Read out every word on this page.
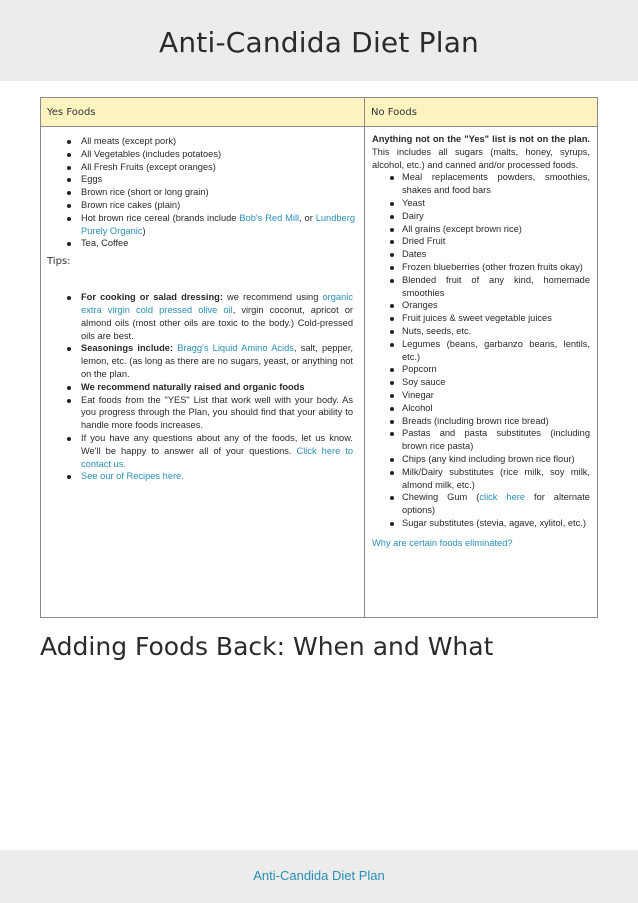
Anti-Candida Diet Plan
Yes Foods	No Foods
All meats (except pork)
All Vegetables (includes potatoes)
All Fresh Fruits (except oranges)
Eggs
Brown rice (short or long grain)
Brown rice cakes (plain)
Hot brown rice cereal (brands include Bob's Red Mill, or Lundberg Purely Organic)
Tea, Coffee
Tips:
For cooking or salad dressing: we recommend using organic extra virgin cold pressed olive oil, virgin coconut, apricot or almond oils (most other oils are toxic to the body.) Cold-pressed oils are best.
Seasonings include: Bragg's Liquid Amino Acids, salt, pepper, lemon, etc. (as long as there are no sugars, yeast, or anything not on the plan.
We recommend naturally raised and organic foods
Eat foods from the "YES" List that work well with your body. As you progress through the Plan, you should find that your ability to handle more foods increases.
If you have any questions about any of the foods, let us know. We'll be happy to answer all of your questions. Click here to contact us.
See our of Recipes here.

Anything not on the "Yes" list is not on the plan. This includes all sugars (malts, honey, syrups, alcohol, etc.) and canned and/or processed foods.

Meal replacements powders, smoothies, shakes and food bars
Yeast
Dairy
All grains (except brown rice)
Dried Fruit
Dates
Frozen blueberries (other frozen fruits okay)
Blended fruit of any kind, homemade smoothies
Oranges
Fruit juices & sweet vegetable juices
Nuts, seeds, etc.
Legumes (beans, garbanzo beans, lentils, etc.)
Popcorn
Soy sauce
Vinegar
Alcohol
Breads (including brown rice bread)
Pastas and pasta substitutes (including brown rice pasta)
Chips (any kind including brown rice flour)
Milk/Dairy substitutes (rice milk, soy milk, almond milk, etc.)
Chewing Gum (click here for alternate options)
Sugar substitutes (stevia, agave, xylitol, etc.)
Why are certain foods eliminated?
Adding Foods Back: When and What
Anti-Candida Diet Plan
